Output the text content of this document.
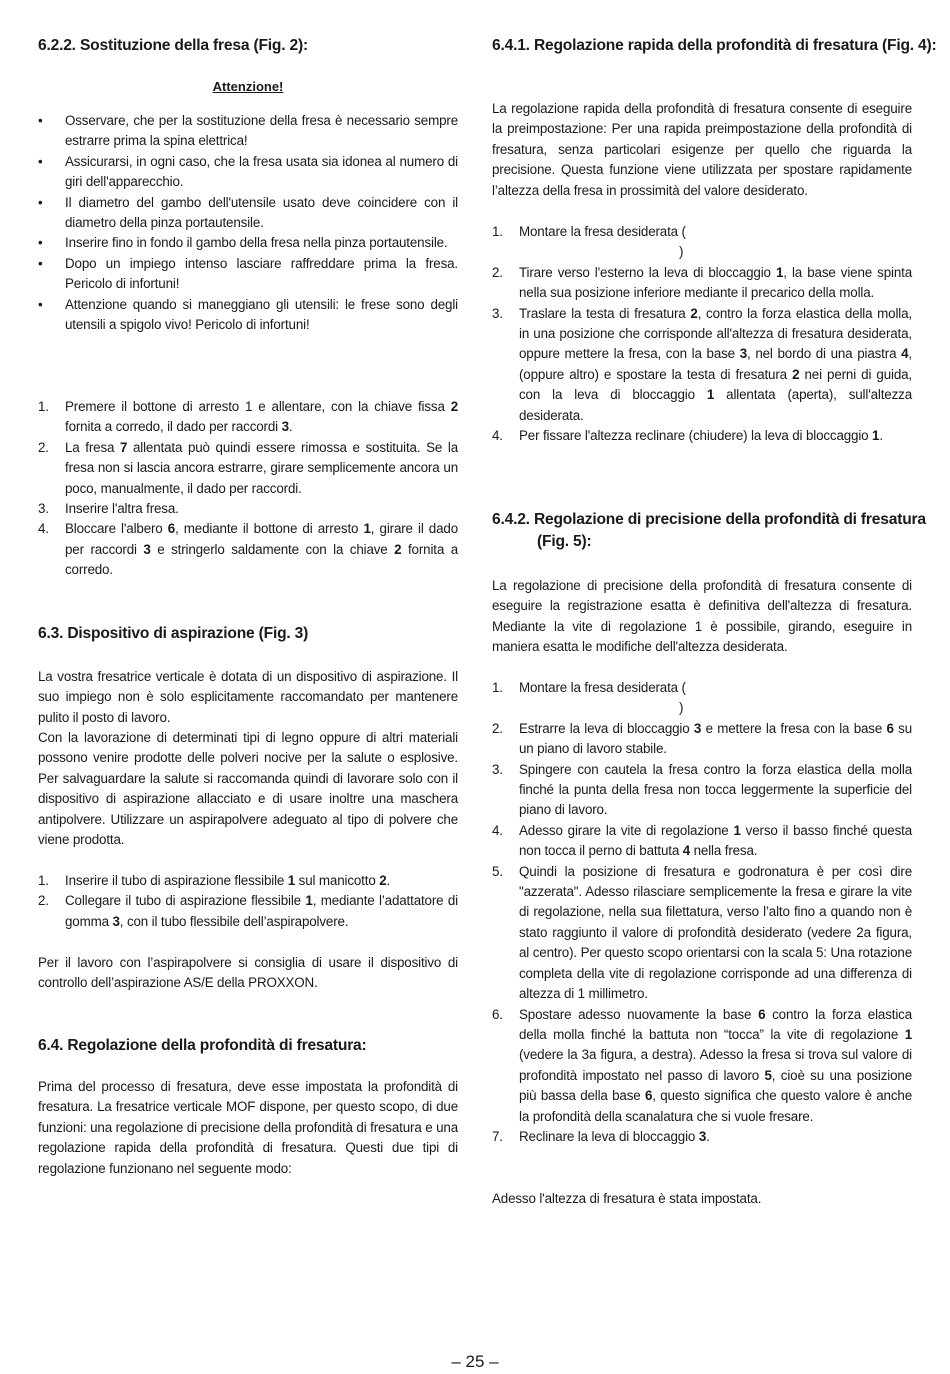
6.2.2. Sostituzione della fresa (Fig. 2):
Attenzione!
• Osservare, che per la sostituzione della fresa è necessario sempre estrarre prima la spina elettrica!
• Assicurarsi, in ogni caso, che la fresa usata sia idonea al numero di giri dell'apparecchio.
• Il diametro del gambo dell'utensile usato deve coincidere con il diametro della pinza portautensile.
• Inserire fino in fondo il gambo della fresa nella pinza portautensile.
• Dopo un impiego intenso lasciare raffreddare prima la fresa. Pericolo di infortuni!
• Attenzione quando si maneggiano gli utensili: le frese sono degli utensili a spigolo vivo! Pericolo di infortuni!
1. Premere il bottone di arresto 1 e allentare, con la chiave fissa 2 fornita a corredo, il dado per raccordi 3.
2. La fresa 7 allentata può quindi essere rimossa e sostituita. Se la fresa non si lascia ancora estrarre, girare semplicemente ancora un poco, manualmente, il dado per raccordi.
3. Inserire l'altra fresa.
4. Bloccare l'albero 6, mediante il bottone di arresto 1, girare il dado per raccordi 3 e stringerlo saldamente con la chiave 2 fornita a corredo.
6.3. Dispositivo di aspirazione (Fig. 3)

La vostra fresatrice verticale è dotata di un dispositivo di aspirazione. Il suo impiego non è solo esplicitamente raccomandato per mantenere pulito il posto di lavoro.

Con la lavorazione di determinati tipi di legno oppure di altri materiali possono venire prodotte delle polveri nocive per la salute o esplosive. Per salvaguardare la salute si raccomanda quindi di lavorare solo con il dispositivo di aspirazione allacciato e di usare inoltre una maschera antipolvere. Utilizzare un aspirapolvere adeguato al tipo di polvere che viene prodotta.

1. Inserire il tubo di aspirazione flessibile 1 sul manicotto 2.
2. Collegare il tubo di aspirazione flessibile 1, mediante l’adattatore di gomma 3, con il tubo flessibile dell’aspirapolvere.

Per il lavoro con l’aspirapolvere si consiglia di usare il dispositivo di controllo dell’aspirazione AS/E della PROXXON.

6.4. Regolazione della profondità di fresatura:

Prima del processo di fresatura, deve esse impostata la profondità di fresatura. La fresatrice verticale MOF dispone, per questo scopo, di due funzioni: una regolazione di precisione della profondità di fresatura e una regolazione rapida della profondità di fresatura. Questi due tipi di regolazione funzionano nel seguente modo:

6.4.1. Regolazione rapida della profondità di fresatura (Fig. 4):

La regolazione rapida della profondità di fresatura consente di eseguire la preimpostazione: Per una rapida preimpostazione della profondità di fresatura, senza particolari esigenze per quello che riguarda la precisione. Questa funzione viene utilizzata per spostare rapidamente l’altezza della fresa in prossimità del valore desiderato.

1. Montare la fresa desiderata (
)
2. Tirare verso l'esterno la leva di bloccaggio 1, la base viene spinta nella sua posizione inferiore mediante il precarico della molla.
3. Traslare la testa di fresatura 2, contro la forza elastica della molla, in una posizione che corrisponde all'altezza di fresatura desiderata, oppure mettere la fresa, con la base 3, nel bordo di una piastra 4, (oppure altro) e spostare la testa di fresatura 2 nei perni di guida, con la leva di bloccaggio 1 allentata (aperta), sull'altezza desiderata.
4. Per fissare l'altezza reclinare (chiudere) la leva di bloccaggio 1.
6.4.2. Regolazione di precisione della profondità di fresatura (Fig. 5):

La regolazione di precisione della profondità di fresatura consente di eseguire la registrazione esatta è definitiva dell'altezza di fresatura. Mediante la vite di regolazione 1 è possibile, girando, eseguire in maniera esatta le modifiche dell'altezza desiderata.

1. Montare la fresa desiderata (
)
2. Estrarre la leva di bloccaggio 3 e mettere la fresa con la base 6 su un piano di lavoro stabile.
3. Spingere con cautela la fresa contro la forza elastica della molla finché la punta della fresa non tocca leggermente la superficie del piano di lavoro.
4. Adesso girare la vite di regolazione 1 verso il basso finché questa non tocca il perno di battuta 4 nella fresa.
5. Quindi la posizione di fresatura e godronatura è per così dire "azzerata". Adesso rilasciare semplicemente la fresa e girare la vite di regolazione, nella sua filettatura, verso l’alto fino a quando non è stato raggiunto il valore di profondità desiderato (vedere 2a figura, al centro). Per questo scopo orientarsi con la scala 5: Una rotazione completa della vite di regolazione corrisponde ad una differenza di altezza di 1 millimetro.
6. Spostare adesso nuovamente la base 6 contro la forza elastica della molla finché la battuta non “tocca” la vite di regolazione 1 (vedere la 3a figura, a destra). Adesso la fresa si trova sul valore di profondità impostato nel passo di lavoro 5, cioè su una posizione più bassa della base 6, questo significa che questo valore è anche la profondità della scanalatura che si vuole fresare.
7. Reclinare la leva di bloccaggio 3.

Adesso l'altezza di fresatura è stata impostata.

– 25 –
